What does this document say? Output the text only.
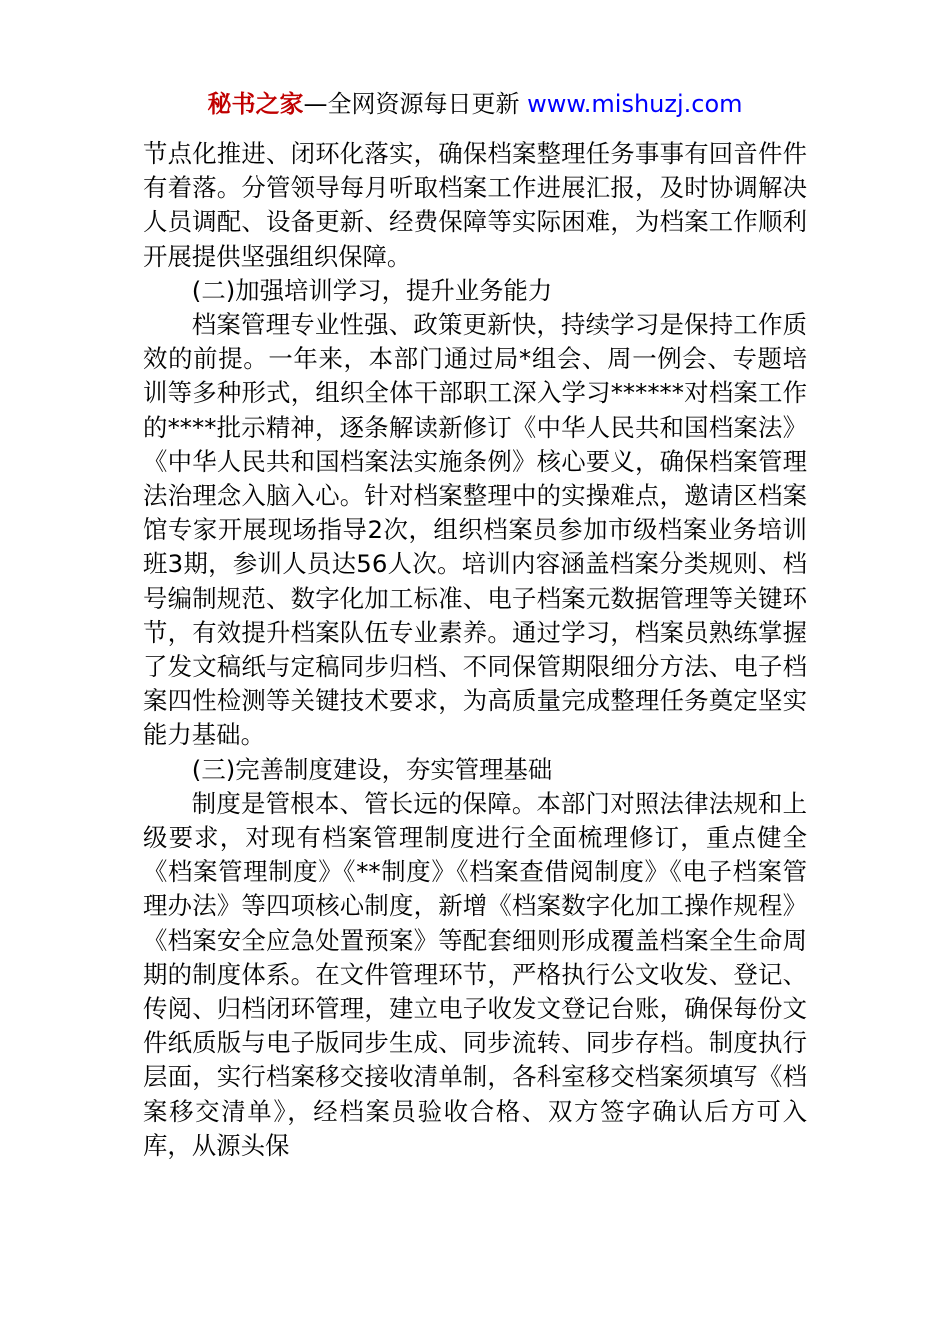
秘书之家—全网资源每日更新 www.mishuzj.com

节点化推进、闭环化落实，确保档案整理任务事事有回音件件有着落。分管领导每月听取档案工作进展汇报，及时协调解决人员调配、设备更新、经费保障等实际困难，为档案工作顺利开展提供坚强组织保障。

(二)加强培训学习，提升业务能力

档案管理专业性强、政策更新快，持续学习是保持工作质效的前提。一年来，本部门通过局*组会、周一例会、专题培训等多种形式，组织全体干部职工深入学习******对档案工作的****批示精神，逐条解读新修订《中华人民共和国档案法》《中华人民共和国档案法实施条例》核心要义，确保档案管理法治理念入脑入心。针对档案整理中的实操难点，邀请区档案馆专家开展现场指导2次，组织档案员参加市级档案业务培训班3期，参训人员达56人次。培训内容涵盖档案分类规则、档号编制规范、数字化加工标准、电子档案元数据管理等关键环节，有效提升档案队伍专业素养。通过学习，档案员熟练掌握了发文稿纸与定稿同步归档、不同保管期限细分方法、电子档案四性检测等关键技术要求，为高质量完成整理任务奠定坚实能力基础。

(三)完善制度建设，夯实管理基础

制度是管根本、管长远的保障。本部门对照法律法规和上级要求，对现有档案管理制度进行全面梳理修订，重点健全《档案管理制度》《**制度》《档案查借阅制度》《电子档案管理办法》等四项核心制度，新增《档案数字化加工操作规程》《档案安全应急处置预案》等配套细则形成覆盖档案全生命周期的制度体系。在文件管理环节，严格执行公文收发、登记、传阅、归档闭环管理，建立电子收发文登记台账，确保每份文件纸质版与电子版同步生成、同步流转、同步存档。制度执行层面，实行档案移交接收清单制，各科室移交档案须填写《档案移交清单》，经档案员验收合格、双方签字确认后方可入库，从源头保
